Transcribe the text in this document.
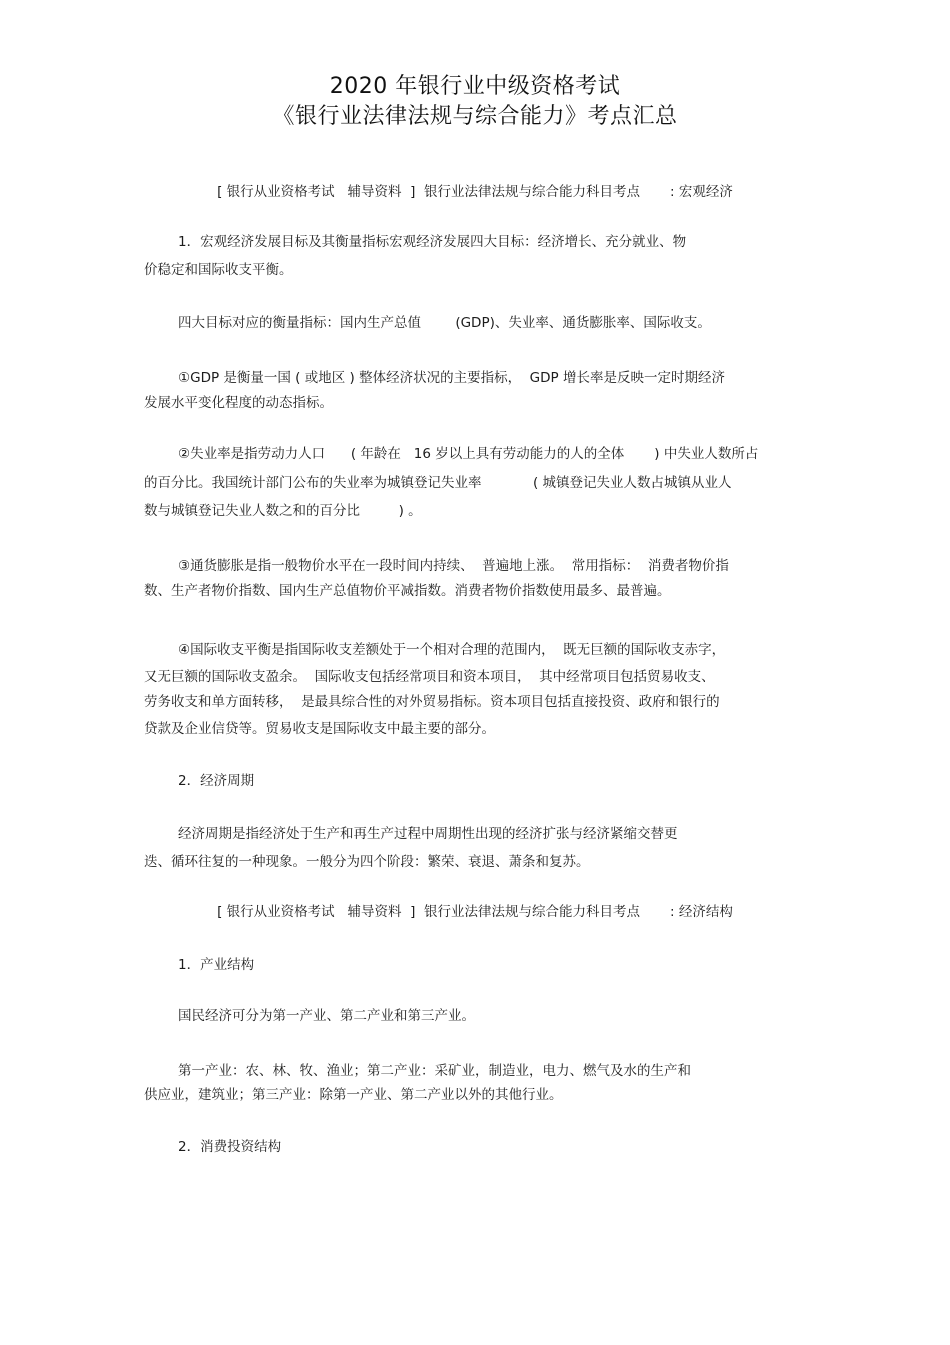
2020 年银行业中级资格考试
《银行业法律法规与综合能力》考点汇总
[ 银行从业资格考试   辅导资料  ]  银行业法律法规与综合能力科目考点       : 宏观经济
1．宏观经济发展目标及其衡量指标宏观经济发展四大目标：经济增长、充分就业、物
价稳定和国际收支平衡。
四大目标对应的衡量指标：国内生产总值        (GDP)、失业率、通货膨胀率、国际收支。
①GDP 是衡量一国 ( 或地区 ) 整体经济状况的主要指标，  GDP 增长率是反映一定时期经济
发展水平变化程度的动态指标。
②失业率是指劳动力人口      ( 年龄在   16 岁以上具有劳动能力的人的全体       ) 中失业人数所占
的百分比。我国统计部门公布的失业率为城镇登记失业率            ( 城镇登记失业人数占城镇从业人
数与城镇登记失业人数之和的百分比         ) 。
③通货膨胀是指一般物价水平在一段时间内持续、  普遍地上涨。  常用指标：  消费者物价指
数、生产者物价指数、国内生产总值物价平减指数。消费者物价指数使用最多、最普遍。
④国际收支平衡是指国际收支差额处于一个相对合理的范围内，  既无巨额的国际收支赤字，
又无巨额的国际收支盈余。  国际收支包括经常项目和资本项目，  其中经常项目包括贸易收支、
劳务收支和单方面转移，  是最具综合性的对外贸易指标。资本项目包括直接投资、政府和银行的
贷款及企业信贷等。贸易收支是国际收支中最主要的部分。
2．经济周期
经济周期是指经济处于生产和再生产过程中周期性出现的经济扩张与经济紧缩交替更
迭、循环往复的一种现象。一般分为四个阶段：繁荣、衰退、萧条和复苏。
[ 银行从业资格考试   辅导资料  ]  银行业法律法规与综合能力科目考点       : 经济结构
1．产业结构
国民经济可分为第一产业、第二产业和第三产业。
第一产业：农、林、牧、渔业；第二产业：采矿业，制造业，电力、燃气及水的生产和
供应业，建筑业；第三产业：除第一产业、第二产业以外的其他行业。
2．消费投资结构
